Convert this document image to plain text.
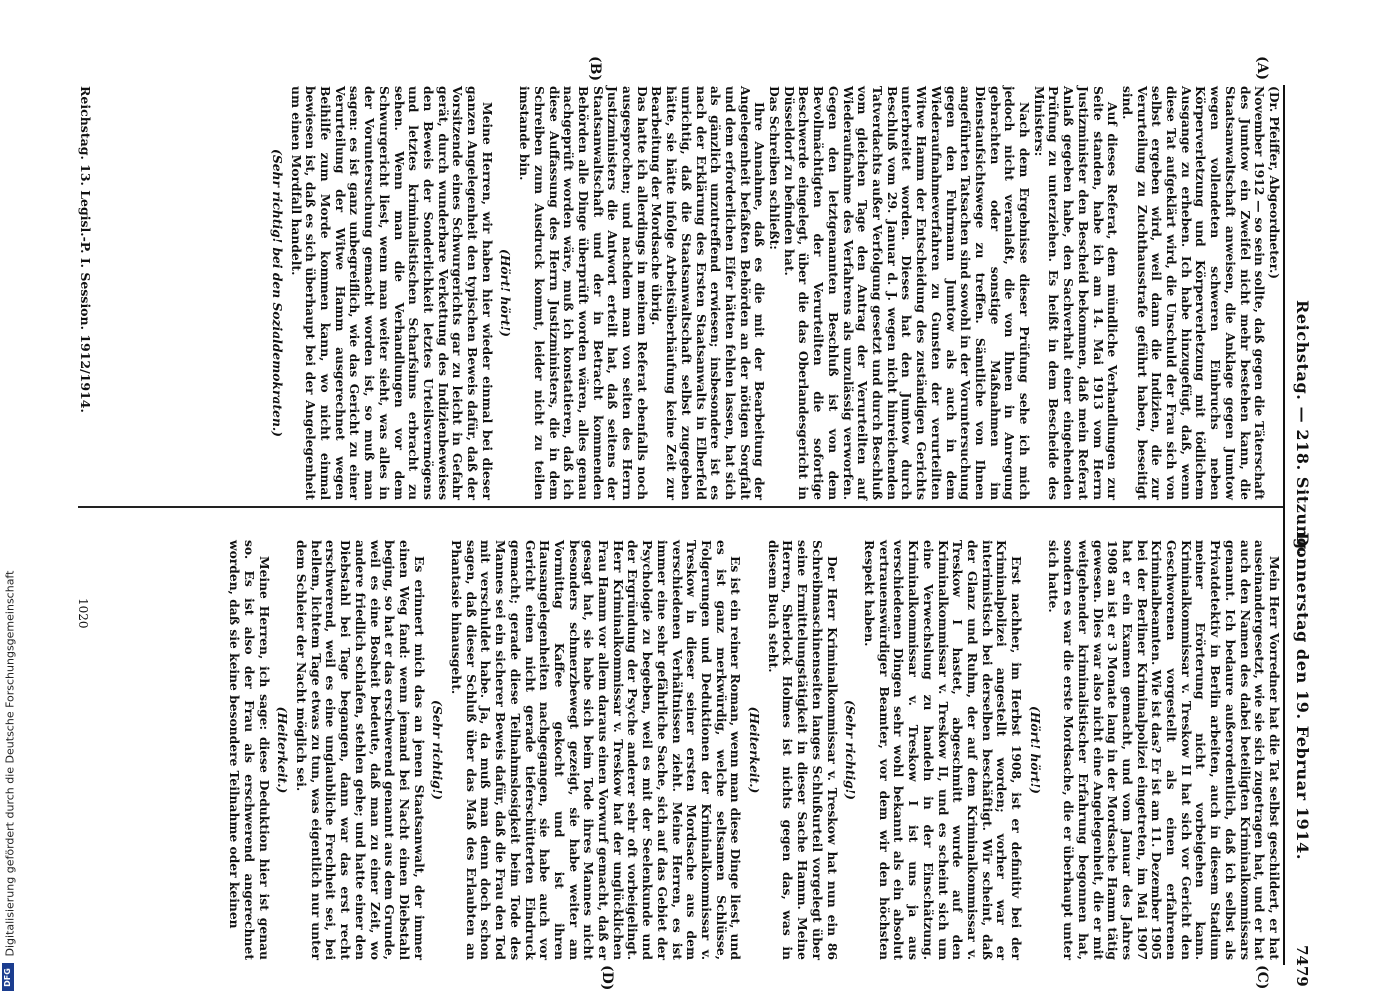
7479
Reichstag. — 218. Sitzung.
Donnerstag den 19. Februar 1914.
(A)
(B)
(C)
(D)

(Dr. Pfeiffer, Abgeordneter.)

November 1912 — so sein sollte, daß gegen die Täterschaft des Jumtow ein Zweifel nicht mehr bestehen kann, die Staatsanwaltschaft anweisen, die Anklage gegen Jumtow wegen vollendeten schweren Einbruchs neben Körperverletzung und Körperverletzung mit tödlichem Ausgange zu erheben. Ich habe hinzugefügt, daß, wenn diese Tat aufgeklärt wird, die Unschuld der Frau sich von selbst ergeben wird, weil dann die Indizien, die zur Verurteilung zu Zuchthausstrafe geführt haben, beseitigt sind.

Auf dieses Referat, dem mündliche Verhandlungen zur Seite standen, habe ich am 14. Mai 1913 vom Herrn Justizminister den Bescheid bekommen, daß mein Referat Anlaß gegeben habe, den Sachverhalt einer eingehenden Prüfung zu unterziehen. Es heißt in dem Bescheide des Ministers:

Nach dem Ergebnisse dieser Prüfung sehe ich mich jedoch nicht veranlaßt, die von Ihnen in Anregung gebrachten oder sonstige Maßnahmen im Dienstaufsichtswege zu treffen. Sämtliche von Ihnen angeführten Tatsachen sind sowohl in der Voruntersuchung gegen den Fuhrmann Jumtow als auch in dem Wiederaufnahmeverfahren zu Gunsten der verurteilten Witwe Hamm der Entscheidung des zuständigen Gerichts unterbreitet worden. Dieses hat den Jumtow durch Beschluß vom 29. Januar d. J. wegen nicht hinreichenden Tatverdachts außer Verfolgung gesetzt und durch Beschluß vom gleichen Tage den Antrag der Verurteilten auf Wiederaufnahme des Verfahrens als unzulässig verworfen. Gegen den letztgenannten Beschluß ist von dem Bevollmächtigten der Verurteilten die sofortige Beschwerde eingelegt, über die das Oberlandesgericht in Düsseldorf zu befinden hat.

Das Schreiben schließt:

Ihre Annahme, daß es die mit der Bearbeitung der Angelegenheit befaßten Behörden an der nötigen Sorgfalt und dem erforderlichen Eifer hätten fehlen lassen, hat sich als gänzlich unzutreffend erwiesen; insbesondere ist es nach der Erklärung des Ersten Staatsanwalts in Elberfeld unrichtig, daß die Staatsanwaltschaft selbst zugegeben hätte, sie hätte infolge Arbeitsüberhäufung keine Zeit zur Bearbeitung der Mordsache übrig.

Das hatte ich allerdings in meinem Referat ebenfalls noch ausgesprochen; und nachdem man von seiten des Herrn Justizministers die Antwort erteilt hat, daß seitens der Staatsanwaltschaft und der in Betracht kommenden Behörden alle Dinge überprüft worden wären, alles genau nachgeprüft worden wäre, muß ich konstatieren, daß ich diese Auffassung des Herrn Justizministers, die in dem Schreiben zum Ausdruck kommt, leider nicht zu teilen imstande bin.

(Hört! hört!)

Meine Herren, wir haben hier wieder einmal bei dieser ganzen Angelegenheit den typischen Beweis dafür, daß der Vorsitzende eines Schwurgerichts gar zu leicht in Gefahr gerät, durch wunderbare Verkettung des Indizienbeweises den Beweis der Sonderlichkeit letztes Urteilsvermögens und letztes kriminalistischen Scharfsinns erbracht zu sehen. Wenn man die Verhandlungen vor dem Schwurgericht liest, wenn man weiter sieht, was alles in der Voruntersuchung gemacht worden ist, so muß man sagen: es ist ganz unbegreiflich, wie das Gericht zu einer Verurteilung der Witwe Hamm ausgerechnet wegen Beihilfe zum Morde kommen kann, wo nicht einmal bewiesen ist, daß es sich überhaupt bei der Angelegenheit um einen Mordfall handelt.

(Sehr richtig! bei den Sozialdemokraten.)

Mein Herr Vorredner hat die Tat selbst geschildert, er hat auseinandergesetzt, wie sie sich zugetragen hat, und er hat auch den Namen des dabei beteiligten Kriminalkommissars genannt. Ich bedaure außerordentlich, daß ich selbst als Privatdetektiv in Berlin arbeiten, auch in diesem Stadium meiner Erörterung nicht vorbeigehen kann. Kriminalkommissar v. Treskow II hat sich vor Gericht den Geschworenen vorgestellt als einen erfahrenen Kriminalbeamten. Wie ist das? Er ist am 11. Dezember 1905 bei der Berliner Kriminalpolizei eingetreten, im Mai 1907 hat er ein Examen gemacht, und vom Januar des Jahres 1908 an ist er 3 Monate lang in der Mordsache Hamm tätig gewesen. Dies war also nicht eine Angelegenheit, die er mit weitgehender kriminalistischer Erfahrung begonnen hat, sondern es war die erste Mordsache, die er überhaupt unter sich hatte.

(Hört! hört!)

Erst nachher, im Herbst 1908, ist er definitiv bei der Kriminalpolizei angestellt worden; vorher war er interimistisch bei derselben beschäftigt. Wir scheint, daß der Glanz und Ruhm, der auf dem Kriminalkommissar v. Treskow I hastet, abgeschmitt wurde auf den Kriminalkommissar v. Treskow II, und es scheint sich um eine Verwechslung zu handeln in der Einschätzung. Kriminalkommissar v. Treskow I ist uns ja aus verschiedenen Dingen sehr wohl bekannt als ein absolut vertrauenswürdiger Beamter, vor dem wir den höchsten Respekt haben.

(Sehr richtig!)

Der Herr Kriminalkommissar v. Treskow hat nun ein 86 Schreibmaschinenseiten langes Schlußurteil vorgelegt über seine Ermittelungstätigkeit in dieser Sache Hamm. Meine Herren, Sherlock Holmes ist nichts gegen das, was in diesem Buch steht.

(Heiterkeit.)

Es ist ein reiner Roman, wenn man diese Dinge liest, und es ist ganz merkwürdig, welche seltsamen Schlüsse, Folgerungen und Deduktionen der Kriminalkommissar v. Treskow in dieser seiner ersten Mordsache aus dem verschiedenen Verhältnissen zieht. Meine Herren, es ist immer eine sehr gefährliche Sache, sich auf das Gebiet der Psychologie zu begeben, weil es mit der Seelenkunde und der Ergründung der Psyche anderer sehr oft vorbeigelingt. Herr Kriminalkommissar v. Treskow hat der unglücklichen Frau Hamm vor allem daraus einen Vorwurf gemacht, daß er gesagt hat, sie habe sich beim Tode ihres Mannes nicht besonders schmerzbewegt gezeigt, sie habe weiter am Vormittag Kaffee gekocht und ist ihren Hausangelegenheiten nachgegangen, sie habe auch vor Gericht einen nicht gerade tieferschütterten Eindruck gemacht; gerade diese Teilnahmslosigkeit beim Tode des Mannes sei ein sicherer Beweis dafür, daß die Frau den Tod mit verschuldet habe. Ja, da muß man denn doch schon sagen, daß dieser Schluß über das Maß des Erlaubten an Phantasie hinausgeht.

(Sehr richtig!)

Es erinnert mich das an jenen Staatsanwalt, der immer einen Weg fand: wenn jemand bei Nacht einen Diebstahl beging, so hat er das erschwerend genannt aus dem Grunde, weil es eine Bosheit bedeute, daß man zu einer Zeit, wo andere friedlich schlafen, stehlen gehe; und hatte einer den Diebstahl bei Tage begangen, dann war das erst recht erschwerend, weil es eine unglaubliche Frechheit sei, bei hellem, lichtem Tage etwas zu tun, was eigentlich nur unter dem Schleier der Nacht möglich sei.

(Heiterkeit.)

Meine Herren, ich sage: diese Deduktion hier ist genau so. Es ist also der Frau als erschwerend angerechnet worden, daß sie keine besondere Teilnahme oder keinen

Reichstag. 13. Legisl.-P. I. Session. 1912/1914.
1020
Digitalisierung gefördert durch die Deutsche Forschungsgemeinschaft
DFG
